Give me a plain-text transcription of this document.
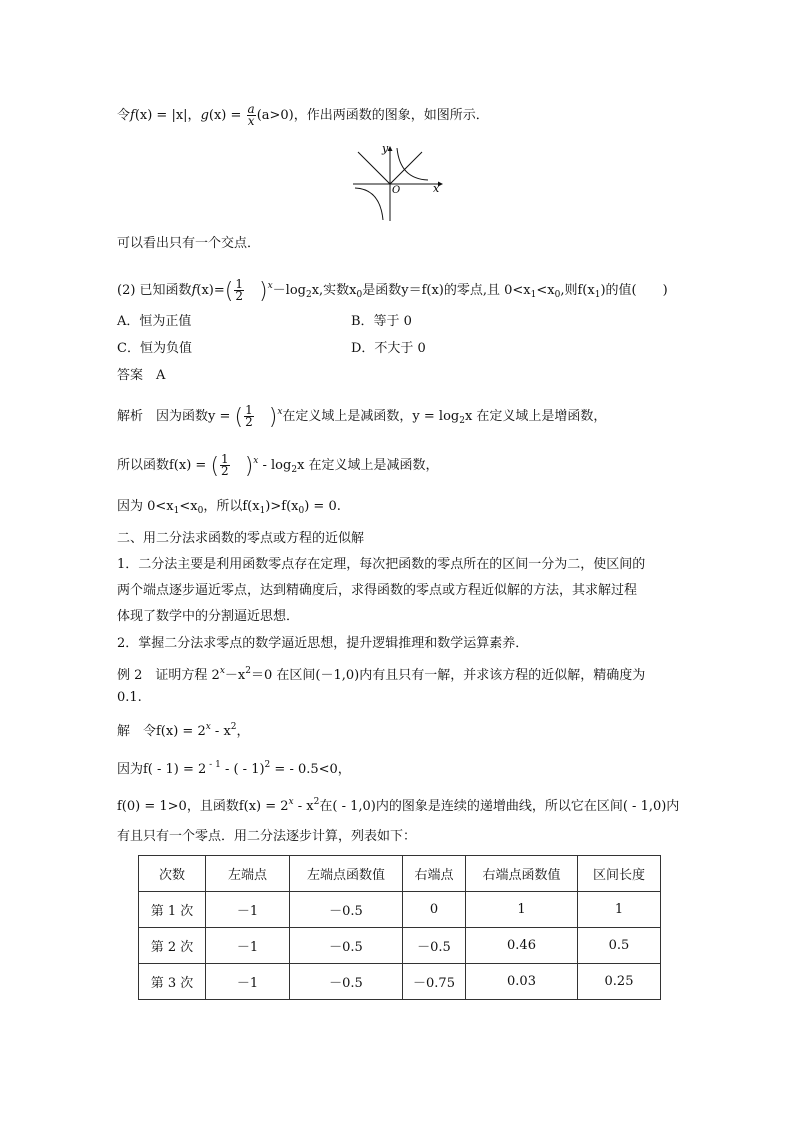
令f(x) = |x|，$g(x) = \frac{a}{x} (a>0)$，作出两函数的图象，如图所示．
y
x
O
可以看出只有一个交点．
(2) 已知函数$f(x)=( \frac{1}{2} )^x-\log_2x$,实数$x_0$是函数y＝f(x)的零点,且 $0<x_1<x_0$,则$f(x_1)$的值(　　)
A．恒为正值	B．等于 0
C．恒为负值	D．不大于 0
答案　A
解析　因为函数y = ( $\frac{1}{2} )^x$在定义域上是减函数，$y = \log_2x$ 在定义域上是增函数，
所以函数f(x) = ( $\frac{1}{2} )^x - \log_2x$ 在定义域上是减函数，
因为 $0<x_1<x_0$，所以$f(x_1)>f(x_0) = 0$.
二、用二分法求函数的零点或方程的近似解
1．二分法主要是利用函数零点存在定理，每次把函数的零点所在的区间一分为二，使区间的
两个端点逐步逼近零点，达到精确度后，求得函数的零点或方程近似解的方法，其求解过程
体现了数学中的分割逼近思想．
2．掌握二分法求零点的数学逼近思想，提升逻辑推理和数学运算素养．
例 2　证明方程 $2^x-x^2=0$ 在区间(－1,0)内有且只有一解，并求该方程的近似解，精确度为
0.1.
解　令$f(x) = 2^x - x^2$，
因为f( - 1) = 2 $^{- 1}$ - ( - 1)$^2$ = - 0.5<0，
f(0) = 1>0，且函数$f(x) = 2^x - x^2$在( - 1,0)内的图象是连续的递增曲线，所以它在区间( - 1,0)内
有且只有一个零点．用二分法逐步计算，列表如下：
次数	左端点	左端点函数值	右端点	右端点函数值	区间长度
第 1 次	－1	－0.5	0	1	1
第 2 次	－1	－0.5	－0.5	0.46	0.5
第 3 次	－1	－0.5	－0.75	0.03	0.25
